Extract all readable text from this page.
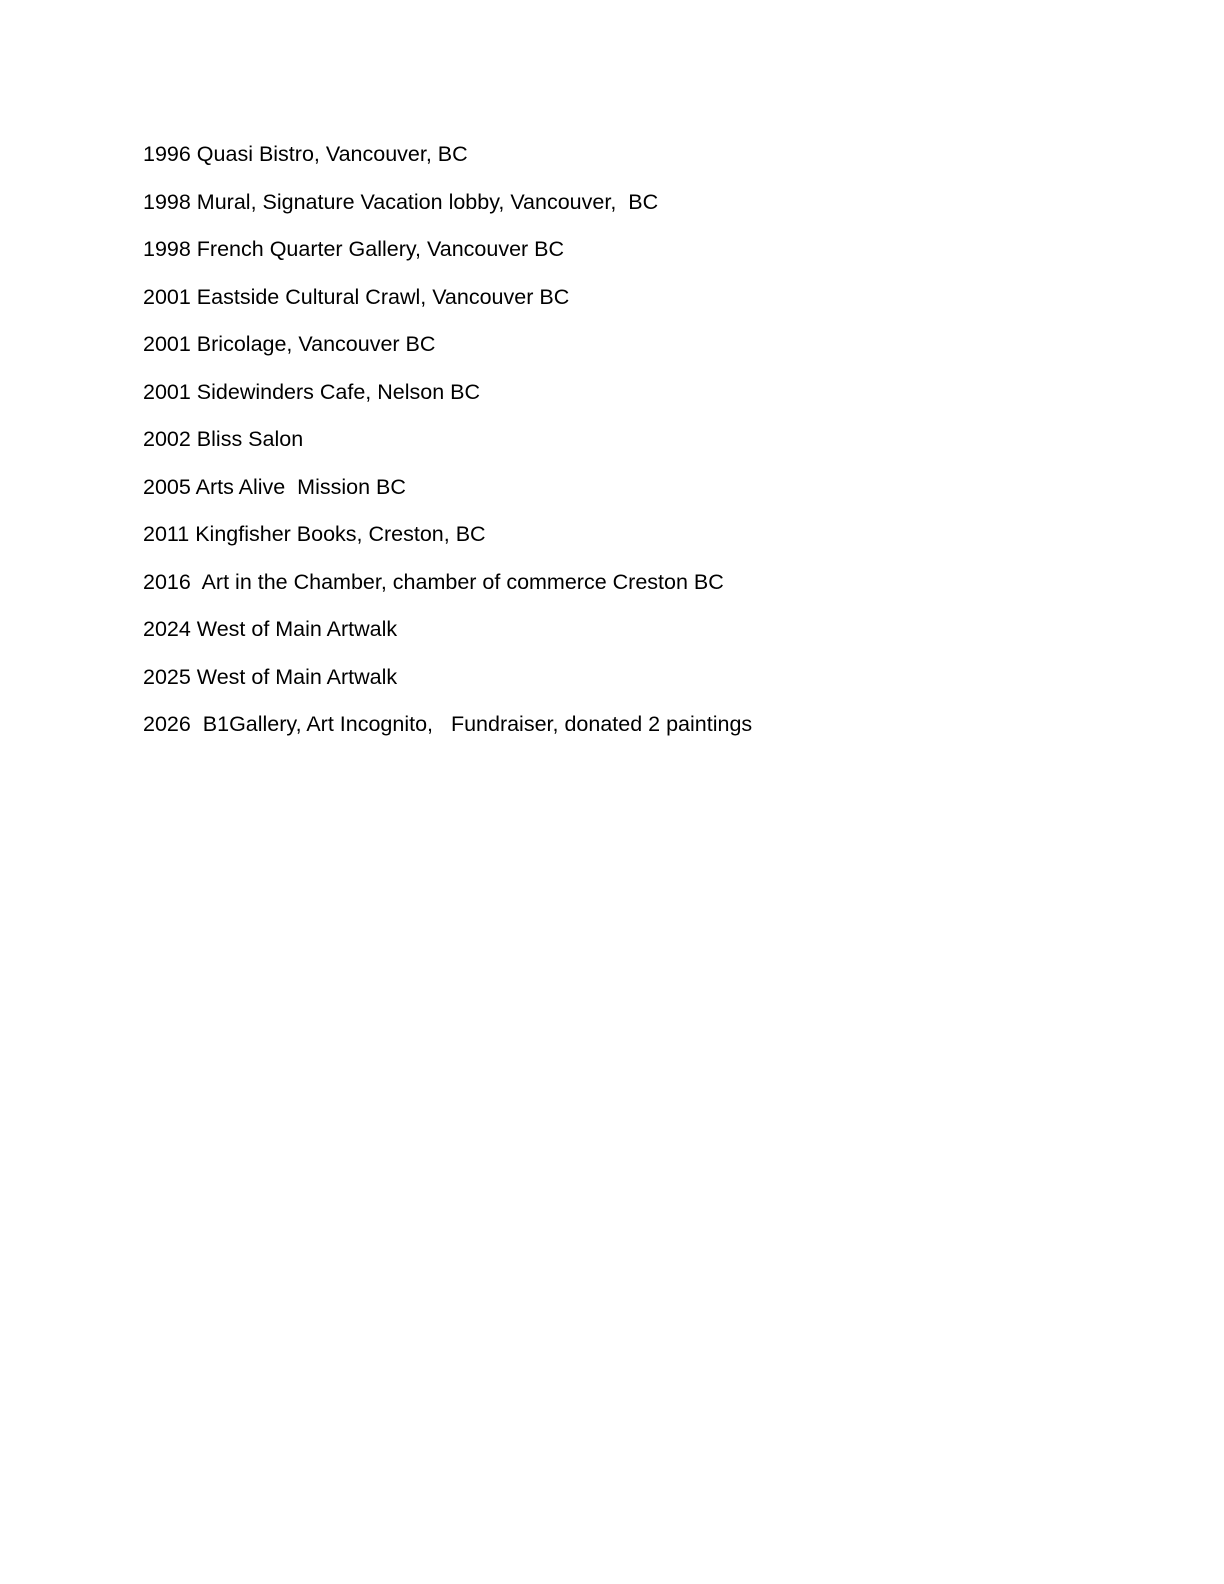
1996 Quasi Bistro, Vancouver, BC
1998 Mural, Signature Vacation lobby, Vancouver,  BC
1998 French Quarter Gallery, Vancouver BC
2001 Eastside Cultural Crawl, Vancouver BC
2001 Bricolage, Vancouver BC
2001 Sidewinders Cafe, Nelson BC
2002 Bliss Salon
2005 Arts Alive  Mission BC
2011 Kingfisher Books, Creston, BC
2016  Art in the Chamber, chamber of commerce Creston BC
2024 West of Main Artwalk
2025 West of Main Artwalk
2026  B1Gallery, Art Incognito,   Fundraiser, donated 2 paintings
